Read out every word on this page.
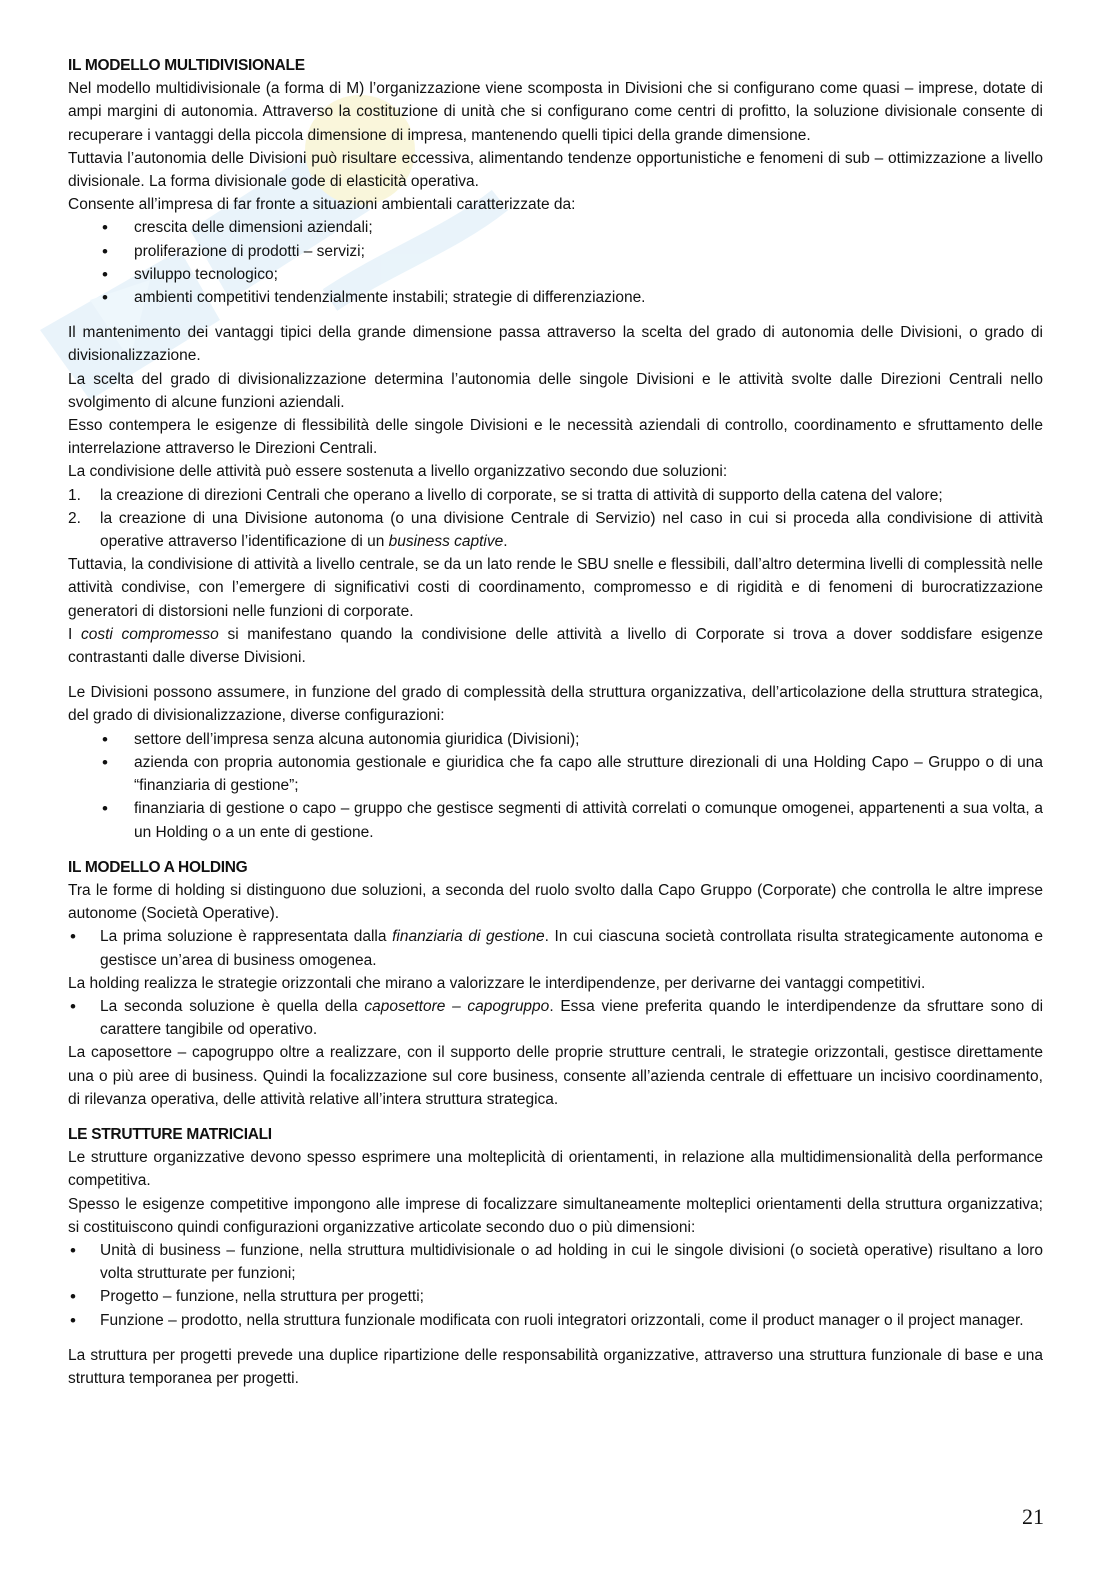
IL MODELLO MULTIDIVISIONALE

Nel modello multidivisionale (a forma di M) l’organizzazione viene scomposta in Divisioni che si configurano come quasi – imprese, dotate di ampi margini di autonomia. Attraverso la costituzione di unità che si configurano come centri di profitto, la soluzione divisionale consente di recuperare i vantaggi della piccola dimensione di impresa, mantenendo quelli tipici della grande dimensione.

Tuttavia l’autonomia delle Divisioni può risultare eccessiva, alimentando tendenze opportunistiche e fenomeni di sub – ottimizzazione a livello divisionale. La forma divisionale gode di elasticità operativa.

Consente all’impresa di far fronte a situazioni ambientali caratterizzate da:

• crescita delle dimensioni aziendali;
• proliferazione di prodotti – servizi;
• sviluppo tecnologico;
• ambienti competitivi tendenzialmente instabili; strategie di differenziazione.

Il mantenimento dei vantaggi tipici della grande dimensione passa attraverso la scelta del grado di autonomia delle Divisioni, o grado di divisionalizzazione.

La scelta del grado di divisionalizzazione determina l’autonomia delle singole Divisioni e le attività svolte dalle Direzioni Centrali nello svolgimento di alcune funzioni aziendali.

Esso contempera le esigenze di flessibilità delle singole Divisioni e le necessità aziendali di controllo, coordinamento e sfruttamento delle interrelazione attraverso le Direzioni Centrali.

La condivisione delle attività può essere sostenuta a livello organizzativo secondo due soluzioni:

1. la creazione di direzioni Centrali che operano a livello di corporate, se si tratta di attività di supporto della catena del valore;
2. la creazione di una Divisione autonoma (o una divisione Centrale di Servizio) nel caso in cui si proceda alla condivisione di attività operative attraverso l’identificazione di un business captive.

Tuttavia, la condivisione di attività a livello centrale, se da un lato rende le SBU snelle e flessibili, dall’altro determina livelli di complessità nelle attività condivise, con l’emergere di significativi costi di coordinamento, compromesso e di rigidità e di fenomeni di burocratizzazione generatori di distorsioni nelle funzioni di corporate.

I costi compromesso si manifestano quando la condivisione delle attività a livello di Corporate si trova a dover soddisfare esigenze contrastanti dalle diverse Divisioni.

Le Divisioni possono assumere, in funzione del grado di complessità della struttura organizzativa, dell’articolazione della struttura strategica, del grado di divisionalizzazione, diverse configurazioni:

• settore dell’impresa senza alcuna autonomia giuridica (Divisioni);
• azienda con propria autonomia gestionale e giuridica che fa capo alle strutture direzionali di una Holding Capo – Gruppo o di una “finanziaria di gestione”;
• finanziaria di gestione o capo – gruppo che gestisce segmenti di attività correlati o comunque omogenei, appartenenti a sua volta, a un Holding o a un ente di gestione.
IL MODELLO A HOLDING

Tra le forme di holding si distinguono due soluzioni, a seconda del ruolo svolto dalla Capo Gruppo (Corporate) che controlla le altre imprese autonome (Società Operative).

• La prima soluzione è rappresentata dalla finanziaria di gestione. In cui ciascuna società controllata risulta strategicamente autonoma e gestisce un’area di business omogenea.

La holding realizza le strategie orizzontali che mirano a valorizzare le interdipendenze, per derivarne dei vantaggi competitivi.

• La seconda soluzione è quella della caposettore – capogruppo. Essa viene preferita quando le interdipendenze da sfruttare sono di carattere tangibile od operativo.

La caposettore – capogruppo oltre a realizzare, con il supporto delle proprie strutture centrali, le strategie orizzontali, gestisce direttamente una o più aree di business. Quindi la focalizzazione sul core business, consente all’azienda centrale di effettuare un incisivo coordinamento, di rilevanza operativa, delle attività relative all’intera struttura strategica.

LE STRUTTURE MATRICIALI

Le strutture organizzative devono spesso esprimere una molteplicità di orientamenti, in relazione alla multidimensionalità della performance competitiva.

Spesso le esigenze competitive impongono alle imprese di focalizzare simultaneamente molteplici orientamenti della struttura organizzativa; si costituiscono quindi configurazioni organizzative articolate secondo duo o più dimensioni:

• Unità di business – funzione, nella struttura multidivisionale o ad holding in cui le singole divisioni (o società operative) risultano a loro volta strutturate per funzioni;
• Progetto – funzione, nella struttura per progetti;
• Funzione – prodotto, nella struttura funzionale modificata con ruoli integratori orizzontali, come il product manager o il project manager.

La struttura per progetti prevede una duplice ripartizione delle responsabilità organizzative, attraverso una struttura funzionale di base e una struttura temporanea per progetti.

21
